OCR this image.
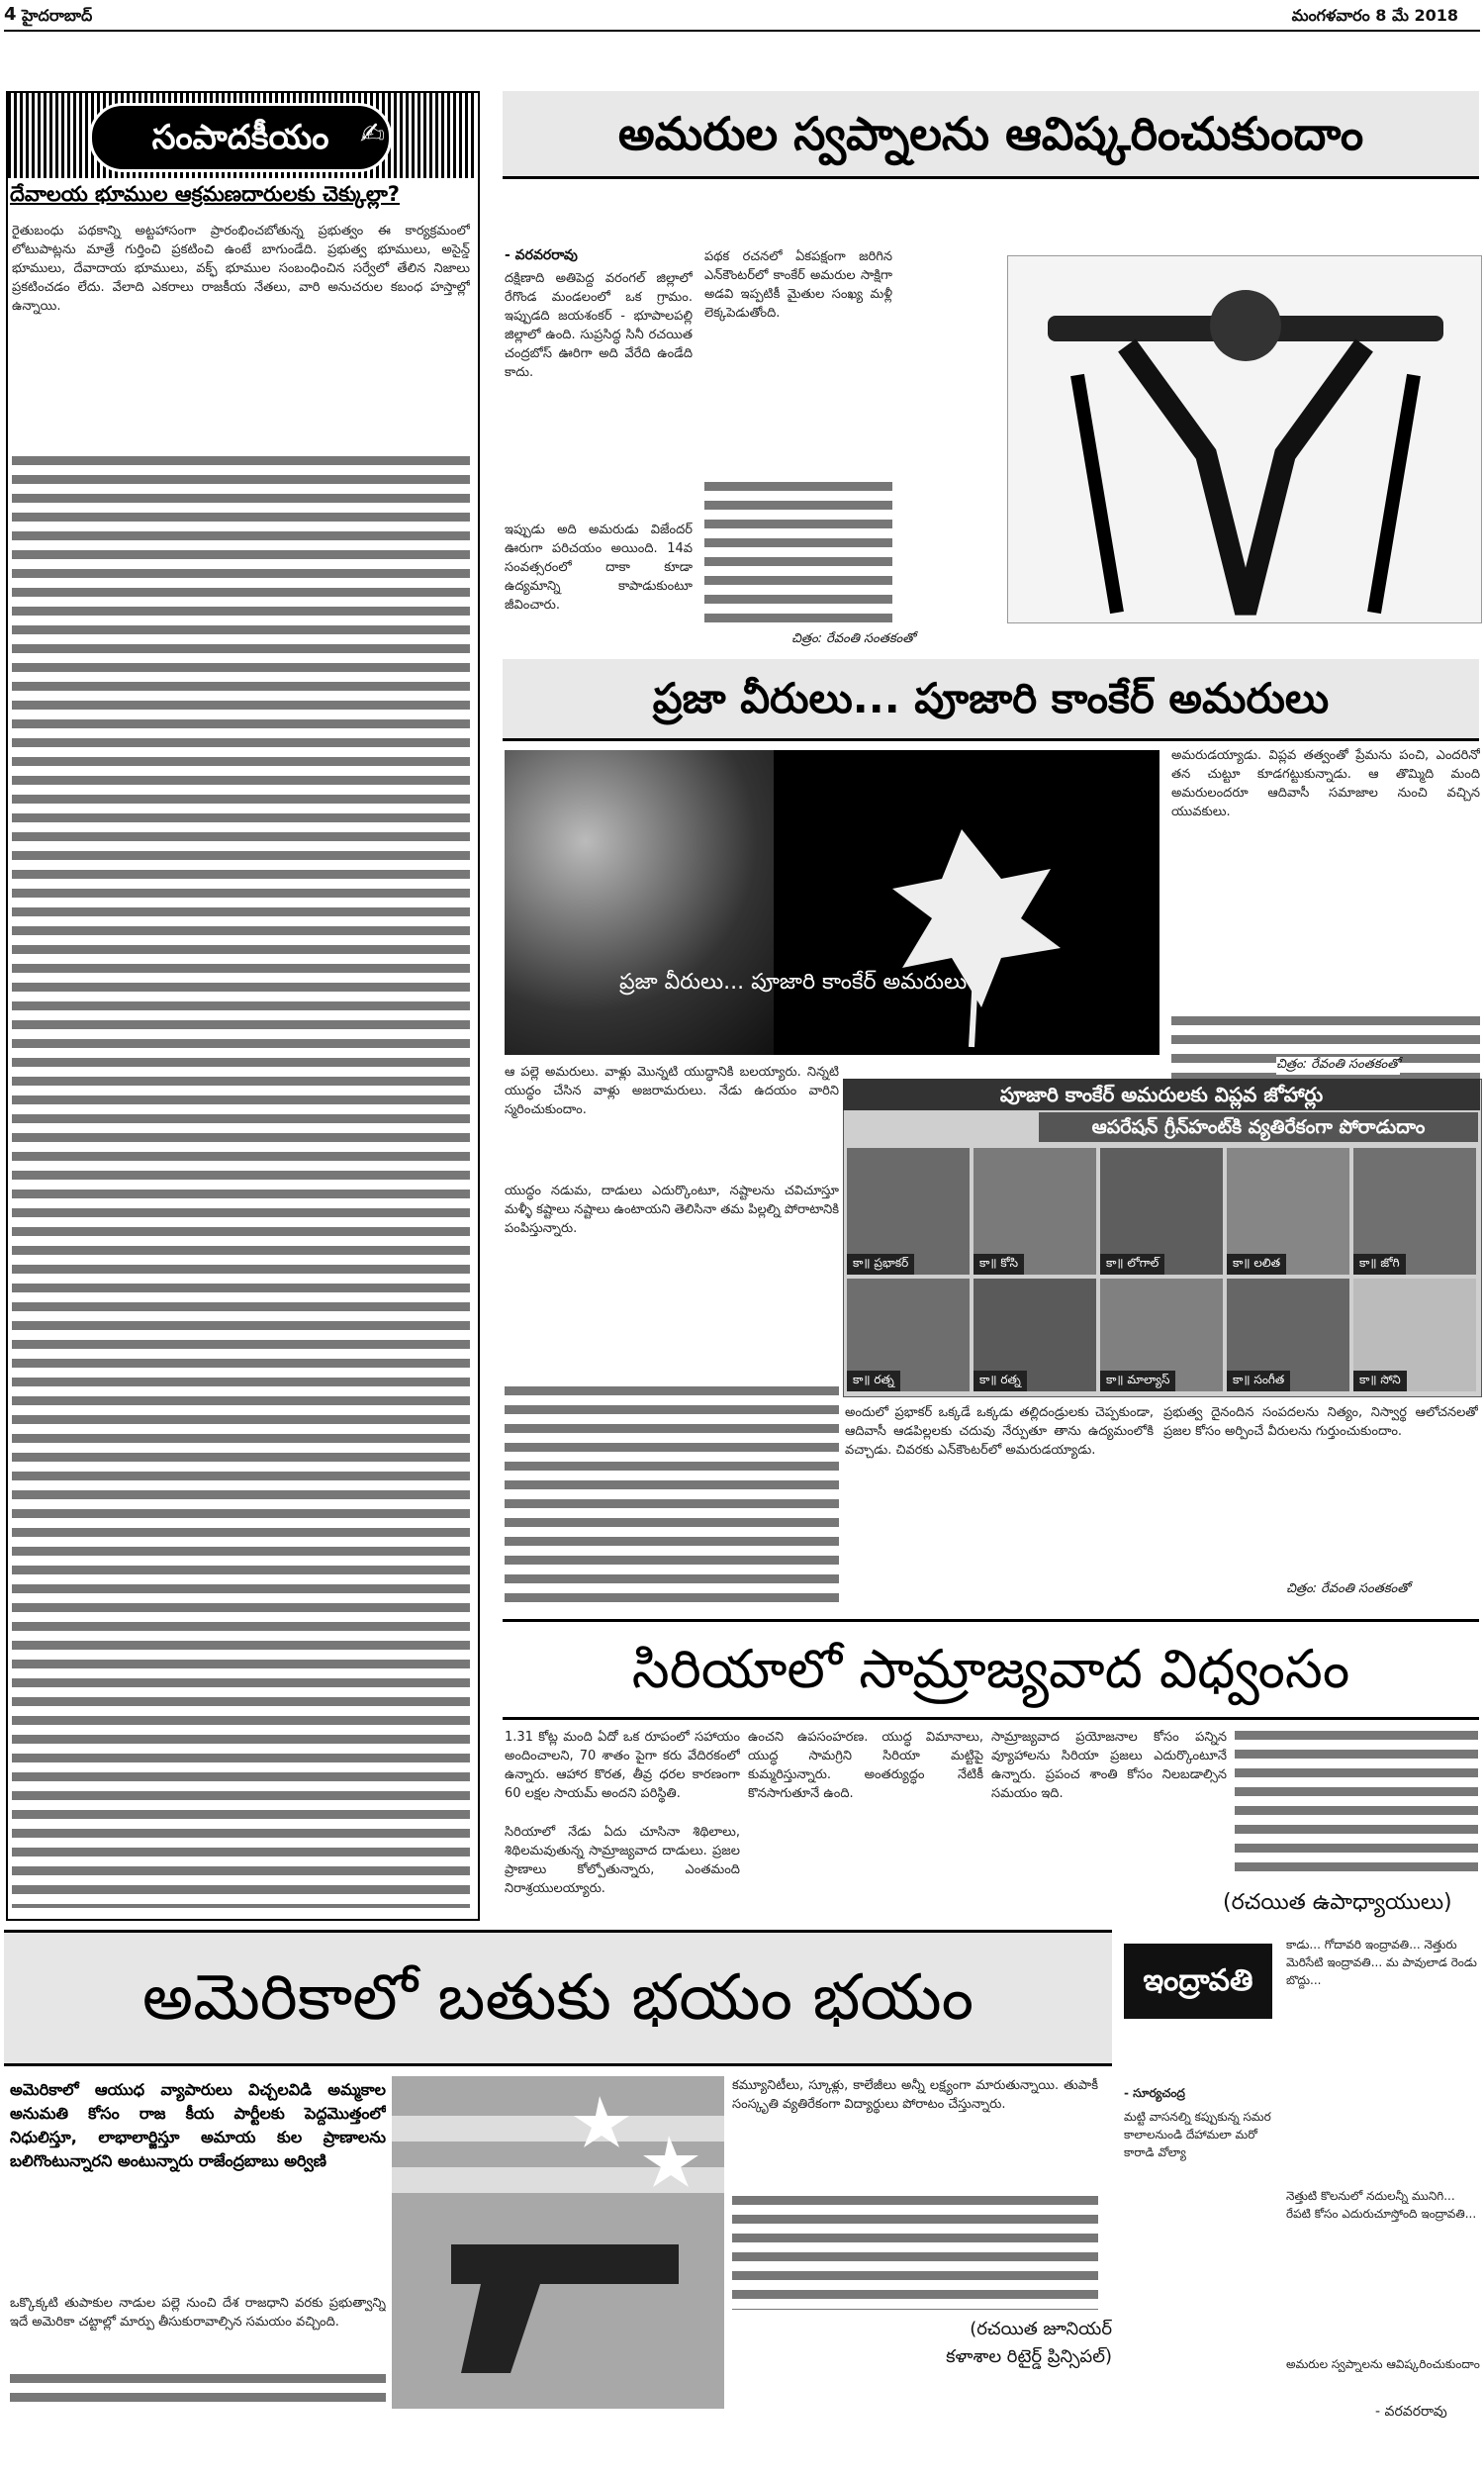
4 హైదరాబాద్	మంగళవారం 8 మే 2018
సంపాదకీయం	✍
దేవాలయ భూముల ఆక్రమణదారులకు చెక్కుల్లా?
రైతుబంధు పథకాన్ని అట్టహాసంగా ప్రారంభించబోతున్న ప్రభుత్వం ఈ కార్యక్రమంలో లోటుపాట్లను మాత్రే గుర్తించి ప్రకటించి ఉంటే బాగుండేది. ప్రభుత్వ భూములు, అసైన్డ్ భూములు, దేవాదాయ భూములు, వక్ఫ్ భూముల సంబంధించిన సర్వేలో తేలిన నిజాలు ప్రకటించడం లేదు. వేలాది ఎకరాలు రాజకీయ నేతలు, వారి అనుచరుల కబంధ హస్తాల్లో ఉన్నాయి.
అమరుల స్వప్నాలను ఆవిష్కరించుకుందాం
- వరవరరావు
దక్షిణాది అతిపెద్ద వరంగల్ జిల్లాలో రేగొండ మండలంలో ఒక గ్రామం. ఇప్పుడది జయశంకర్ - భూపాలపల్లి జిల్లాలో ఉంది. సుప్రసిద్ధ సినీ రచయిత చంద్రబోస్ ఊరిగా అది వేరేది ఉండేది కాదు.
ఇప్పుడు అది అమరుడు విజేందర్ ఊరుగా పరిచయం అయింది. 14వ సంవత్సరంలో దాకా కూడా ఉద్యమాన్ని కాపాడుకుంటూ జీవించారు.
పథక రచనలో ఏకపక్షంగా జరిగిన ఎన్‌కౌంటర్‌లో కాంకేర్ అమరుల సాక్షిగా అడవి ఇప్పటికీ మైతుల సంఖ్య మళ్లీ లెక్కపెడుతోంది.
చిత్రం: రేవంతి సంతకంతో
ప్రజా వీరులు... పూజారి కాంకేర్ అమరులు
ప్రజా వీరులు... పూజారి కాంకేర్ అమరులు
అమరుడయ్యాడు. విప్లవ తత్వంతో ప్రేమను పంచి, ఎందరినో తన చుట్టూ కూడగట్టుకున్నాడు. ఆ తొమ్మిది మంది అమరులందరూ ఆదివాసీ సమాజాల నుంచి వచ్చిన యువకులు.
చిత్రం: రేవంతి సంతకంతో
ఆ పల్లె అమరులు. వాళ్లు మొన్నటి యుద్ధానికి బలయ్యారు. నిన్నటి యుద్ధం చేసిన వాళ్లు అజరామరులు. నేడు ఉదయం వారిని స్మరించుకుందాం.
యుద్ధం నడుమ, దాడులు ఎదుర్కొంటూ, నష్టాలను చవిచూస్తూ మళ్ళీ కష్టాలు నష్టాలు ఉంటాయని తెలిసినా తమ పిల్లల్ని పోరాటానికి పంపిస్తున్నారు.
పూజారి కాంకేర్ అమరులకు విప్లవ జోహార్లు
ఆపరేషన్ గ్రీన్‌హంట్‌కి వ్యతిరేకంగా పోరాడుదాం
కా॥ ప్రభాకర్	కా॥ కోసి	కా॥ లోగాల్	కా॥ లలిత	కా॥ జోగి
కా॥ రత్న	కా॥ రత్న	కా॥ మాల్యాస్	కా॥ సంగీత	కా॥ సోని
అందులో ప్రభాకర్ ఒక్కడే ఒక్కడు తల్లిదండ్రులకు చెప్పకుండా, ఆదివాసీ ఆడపిల్లలకు చదువు నేర్పుతూ తాను ఉద్యమంలోకి వచ్చాడు. చివరకు ఎన్‌కౌంటర్‌లో అమరుడయ్యాడు.
ప్రభుత్వ దైనందిన సంపదలను నిత్యం, నిస్వార్థ ఆలోచనలతో ప్రజల కోసం అర్పించే వీరులను గుర్తుంచుకుందాం.
చిత్రం: రేవంతి సంతకంతో
సిరియాలో సామ్రాజ్యవాద విధ్వంసం
1.31 కోట్ల మంది ఏదో ఒక రూపంలో సహాయం అందించాలని, 70 శాతం పైగా కరు వేదిరకంలో ఉన్నారు. ఆహార కొరత, తీవ్ర ధరల కారణంగా 60 లక్షల సాయమ్ అందని పరిస్థితి.
సిరియాలో నేడు ఏదు చూసినా శిథిలాలు, శిథిలమవుతున్న సామ్రాజ్యవాద దాడులు. ప్రజల ప్రాణాలు కోల్పోతున్నారు, ఎంతమంది నిరాశ్రయులయ్యారు.
ఉంచని ఉపసంహరణ. యుద్ధ విమానాలు, యుద్ధ సామగ్రిని సిరియా మట్టిపై కుమ్మరిస్తున్నారు. అంతర్యుద్ధం నేటికీ కొనసాగుతూనే ఉంది.
సామ్రాజ్యవాద ప్రయోజనాల కోసం పన్నిన వ్యూహాలను సిరియా ప్రజలు ఎదుర్కొంటూనే ఉన్నారు. ప్రపంచ శాంతి కోసం నిలబడాల్సిన సమయం ఇది.
(రచయిత ఉపాధ్యాయులు)
అమెరికాలో బతుకు భయం భయం
అమెరికాలో ఆయుధ వ్యాపారులు విచ్చలవిడి అమ్మకాల అనుమతి కోసం రాజ కీయ పార్టీలకు పెద్దమొత్తంలో నిధులిస్తూ, లాభాలార్జిస్తూ అమాయ కుల ప్రాణాలను బలిగొంటున్నారని అంటున్నారు రాజేంద్రబాబు అర్విణి
ఒక్కొక్కటి తుపాకుల నాడుల పల్లె నుంచి దేశ రాజధాని వరకు ప్రభుత్వాన్ని ఇదే అమెరికా చట్టాల్లో మార్పు తీసుకురావాల్సిన సమయం వచ్చింది.
కమ్యూనిటీలు, స్కూళ్లు, కాలేజీలు అన్నీ లక్ష్యంగా మారుతున్నాయి. తుపాకీ సంస్కృతి వ్యతిరేకంగా విద్యార్థులు పోరాటం చేస్తున్నారు.
(రచయిత జూనియర్ కళాశాల రిటైర్డ్ ప్రిన్సిపల్)
ఇంద్రావతి
- సూర్యచంద్ర
మట్టి వాసనల్ని కప్పుకున్న సమర కాలాలనుండి దేహామలా మరో కారాడి వోల్యా
కాడు... గోదావరి ఇంద్రావతి... నెత్తురు మెరిసేటి ఇంద్రావతి... మ పావులాడ రెండు బొద్దు...
నెత్తుటి కొలనులో నదులన్నీ మునిగి... రేపటి కోసం ఎదురుచూస్తోంది ఇంద్రావతి...
అమరుల స్వప్నాలను ఆవిష్కరించుకుందాం
- వరవరరావు
